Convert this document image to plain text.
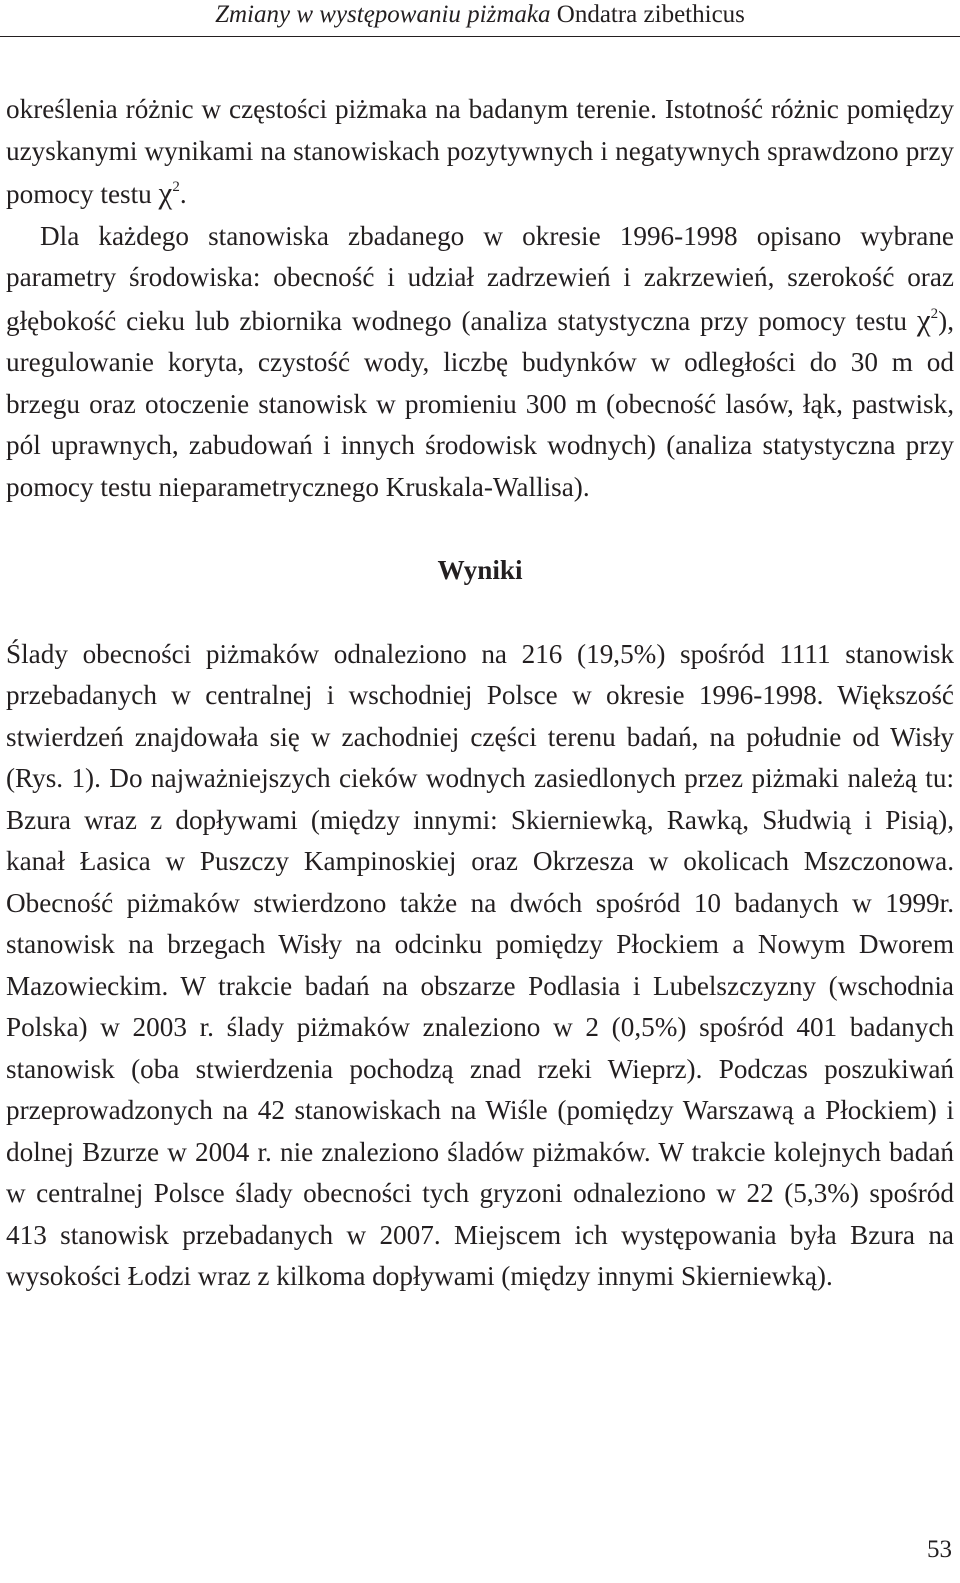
Zmiany w występowaniu piżmaka Ondatra zibethicus

określenia różnic w częstości piżmaka na badanym terenie. Istotność różnic pomiędzy uzyskanymi wynikami na stanowiskach pozytywnych i negatywnych sprawdzono przy pomocy testu $\chi^2$.

Dla każdego stanowiska zbadanego w okresie 1996-1998 opisano wybrane parametry środowiska: obecność i udział zadrzewień i zakrzewień, szerokość oraz głębokość cieku lub zbiornika wodnego (analiza statystyczna przy pomocy testu $\chi^2$), uregulowanie koryta, czystość wody, liczbę budynków w odległości do 30 m od brzegu oraz otoczenie stanowisk w promieniu 300 m (obecność lasów, łąk, pastwisk, pól uprawnych, zabudowań i innych środowisk wodnych) (analiza statystyczna przy pomocy testu nieparametrycznego Kruskala-Wallisa).

Wyniki

Ślady obecności piżmaków odnaleziono na 216 (19,5%) spośród 1111 stanowisk przebadanych w centralnej i wschodniej Polsce w okresie 1996-1998. Większość stwierdzeń znajdowała się w zachodniej części terenu badań, na południe od Wisły (Rys. 1). Do najważniejszych cieków wodnych zasiedlonych przez piżmaki należą tu: Bzura wraz z dopływami (między innymi: Skierniewką, Rawką, Słudwią i Pisią), kanał Łasica w Puszczy Kampinoskiej oraz Okrzesza w okolicach Mszczonowa. Obecność piżmaków stwierdzono także na dwóch spośród 10 badanych w 1999r. stanowisk na brzegach Wisły na odcinku pomiędzy Płockiem a Nowym Dworem Mazowieckim. W trakcie badań na obszarze Podlasia i Lubelszczyzny (wschodnia Polska) w 2003 r. ślady piżmaków znaleziono w 2 (0,5%) spośród 401 badanych stanowisk (oba stwierdzenia pochodzą znad rzeki Wieprz). Podczas poszukiwań przeprowadzonych na 42 stanowiskach na Wiśle (pomiędzy Warszawą a Płockiem) i dolnej Bzurze w 2004 r. nie znaleziono śladów piżmaków. W trakcie kolejnych badań w centralnej Polsce ślady obecności tych gryzoni odnaleziono w 22 (5,3%) spośród 413 stanowisk przebadanych w 2007. Miejscem ich występowania była Bzura na wysokości Łodzi wraz z kilkoma dopływami (między innymi Skierniewką).

53
